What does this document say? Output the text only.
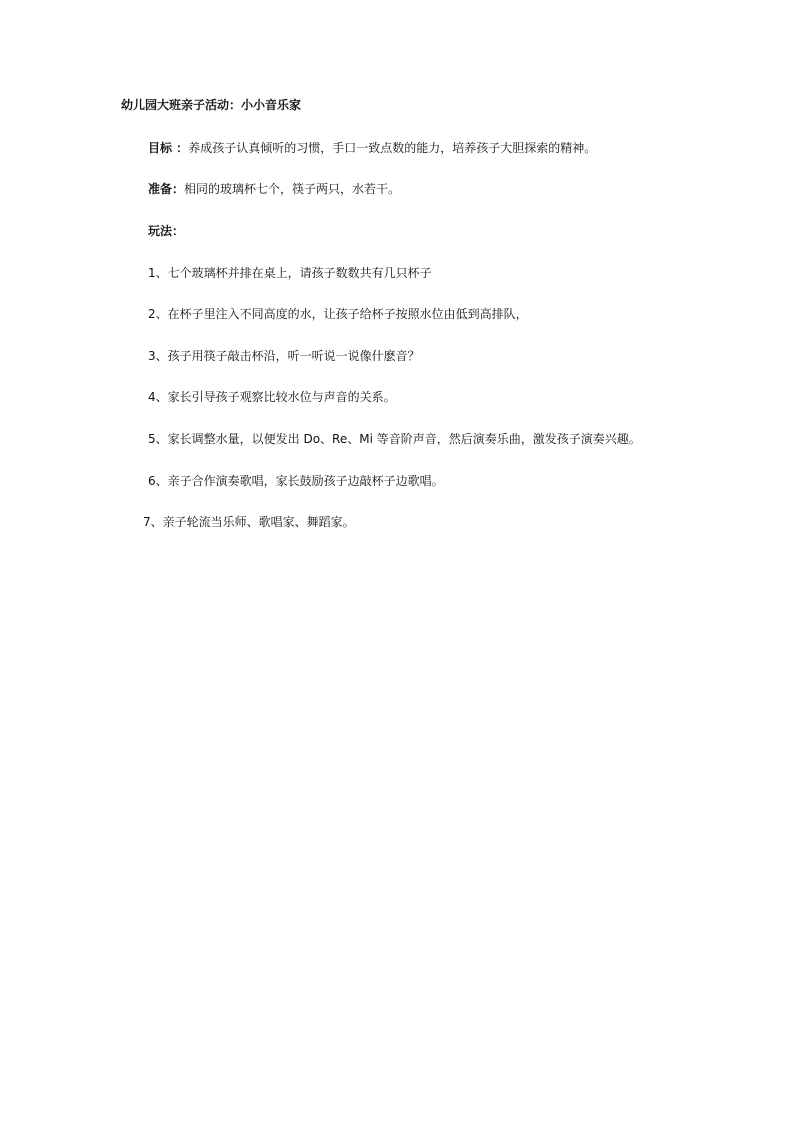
幼儿园大班亲子活动：小小音乐家
目标 ：养成孩子认真倾听的习惯，手口一致点数的能力，培养孩子大胆探索的精神。
准备：相同的玻璃杯七个，筷子两只，水若干。
玩法：
1、七个玻璃杯并排在桌上，请孩子数数共有几只杯子
2、在杯子里注入不同高度的水，让孩子给杯子按照水位由低到高排队，
3、孩子用筷子敲击杯沿，听一听说一说像什麽音？
4、家长引导孩子观察比较水位与声音的关系。
5、家长调整水量，以便发出 Do、Re、Mi 等音阶声音，然后演奏乐曲，激发孩子演奏兴趣。
6、亲子合作演奏歌唱，家长鼓励孩子边敲杯子边歌唱。
7、亲子轮流当乐师、歌唱家、舞蹈家。
